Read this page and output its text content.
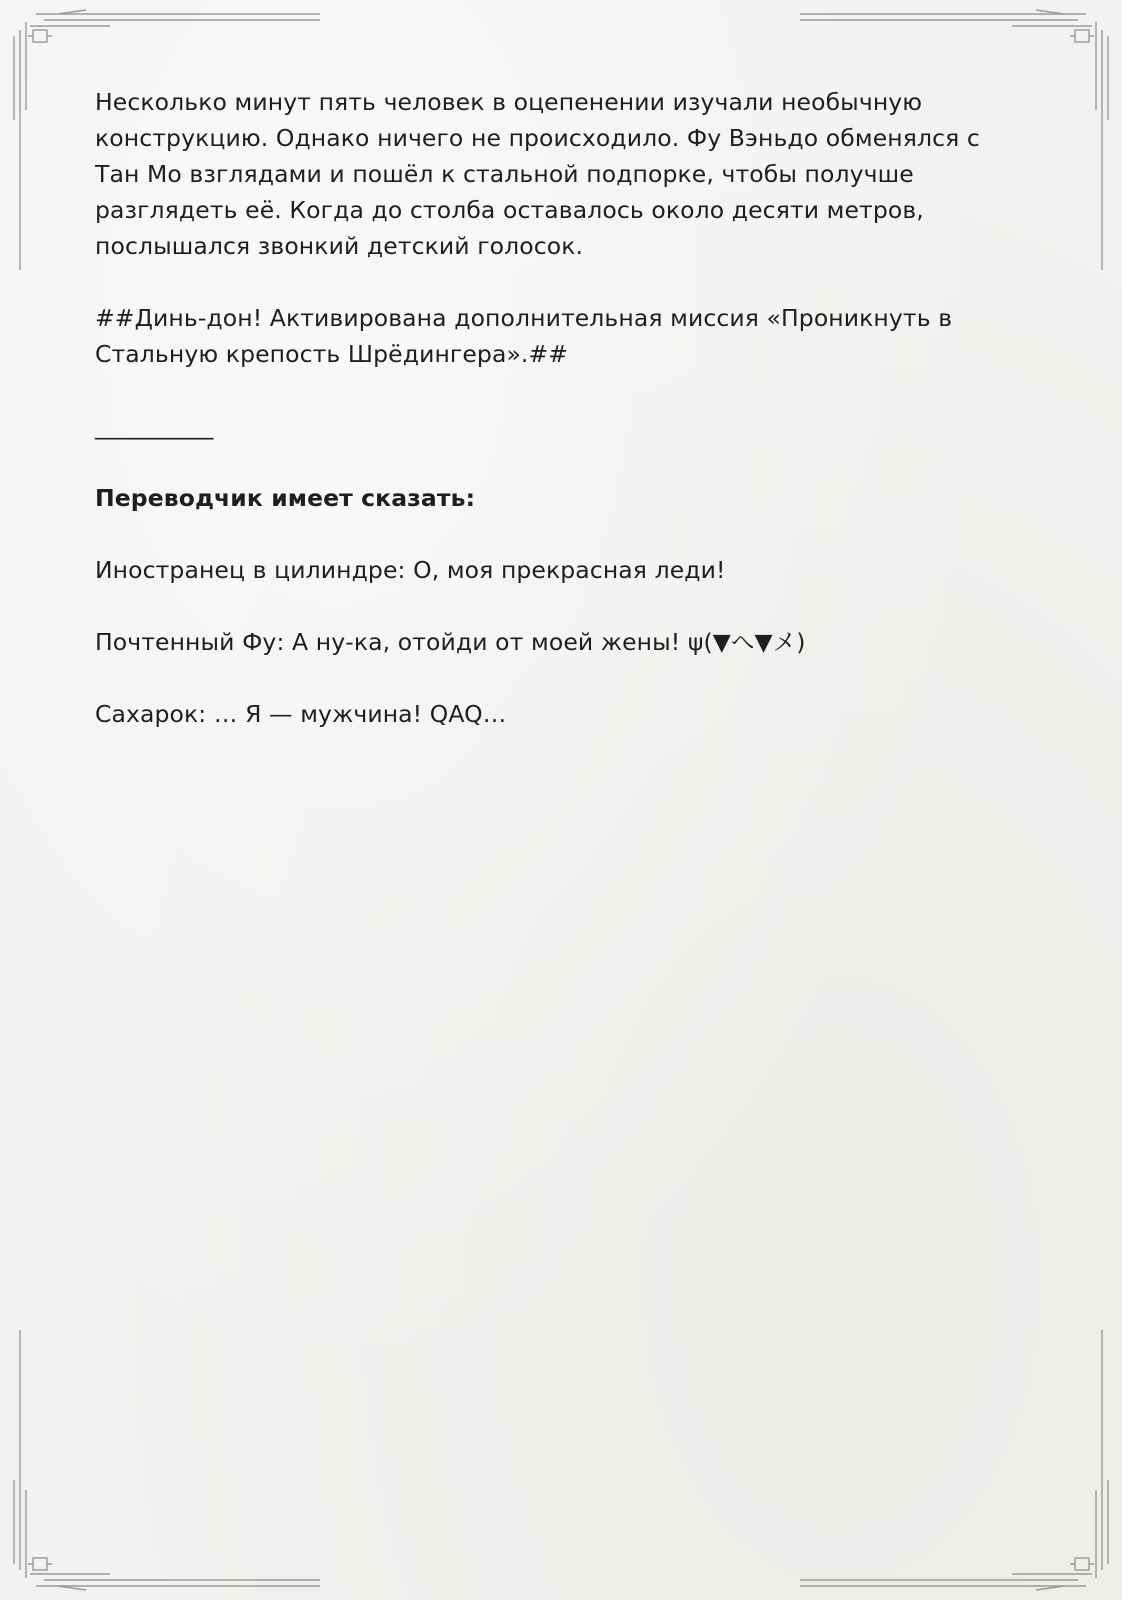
Несколько минут пять человек в оцепенении изучали необычную конструкцию. Однако ничего не происходило. Фу Вэньдо обменялся с Тан Мо взглядами и пошёл к стальной подпорке, чтобы получше разглядеть её. Когда до столба оставалось около десяти метров, послышался звонкий детский голосок.

##Динь-дон! Активирована дополнительная миссия «Проникнуть в Стальную крепость Шрёдингера».##

__________

Переводчик имеет сказать:

Иностранец в цилиндре: О, моя прекрасная леди!

Почтенный Фу: А ну-ка, отойди от моей жены! ψ(▼へ▼メ)

Сахарок: … Я — мужчина! QAQ…
